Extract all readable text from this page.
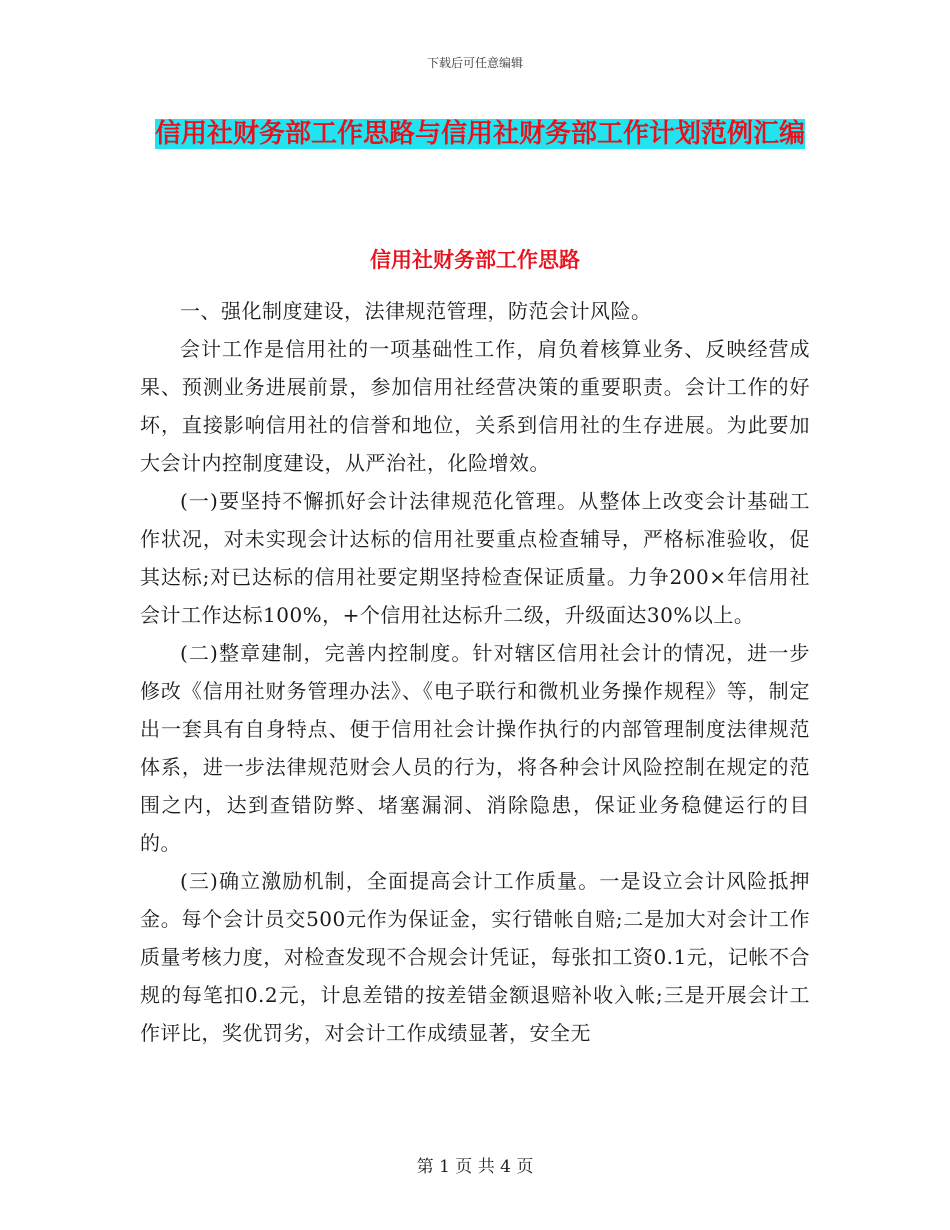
下载后可任意编辑
信用社财务部工作思路与信用社财务部工作计划范例汇编
信用社财务部工作思路

一、强化制度建设，法律规范管理，防范会计风险。

会计工作是信用社的一项基础性工作，肩负着核算业务、反映经营成果、预测业务进展前景，参加信用社经营决策的重要职责。会计工作的好坏，直接影响信用社的信誉和地位，关系到信用社的生存进展。为此要加大会计内控制度建设，从严治社，化险增效。

(一)要坚持不懈抓好会计法律规范化管理。从整体上改变会计基础工作状况，对未实现会计达标的信用社要重点检查辅导，严格标准验收，促其达标;对已达标的信用社要定期坚持检查保证质量。力争200×年信用社会计工作达标100%，+个信用社达标升二级，升级面达30%以上。

(二)整章建制，完善内控制度。针对辖区信用社会计的情况，进一步修改《信用社财务管理办法》、《电子联行和微机业务操作规程》等，制定出一套具有自身特点、便于信用社会计操作执行的内部管理制度法律规范体系，进一步法律规范财会人员的行为，将各种会计风险控制在规定的范围之内，达到查错防弊、堵塞漏洞、消除隐患，保证业务稳健运行的目的。

(三)确立激励机制，全面提高会计工作质量。一是设立会计风险抵押金。每个会计员交500元作为保证金，实行错帐自赔;二是加大对会计工作质量考核力度，对检查发现不合规会计凭证，每张扣工资0.1元，记帐不合规的每笔扣0.2元，计息差错的按差错金额退赔补收入帐;三是开展会计工作评比，奖优罚劣，对会计工作成绩显著，安全无

第 1 页 共 4 页
